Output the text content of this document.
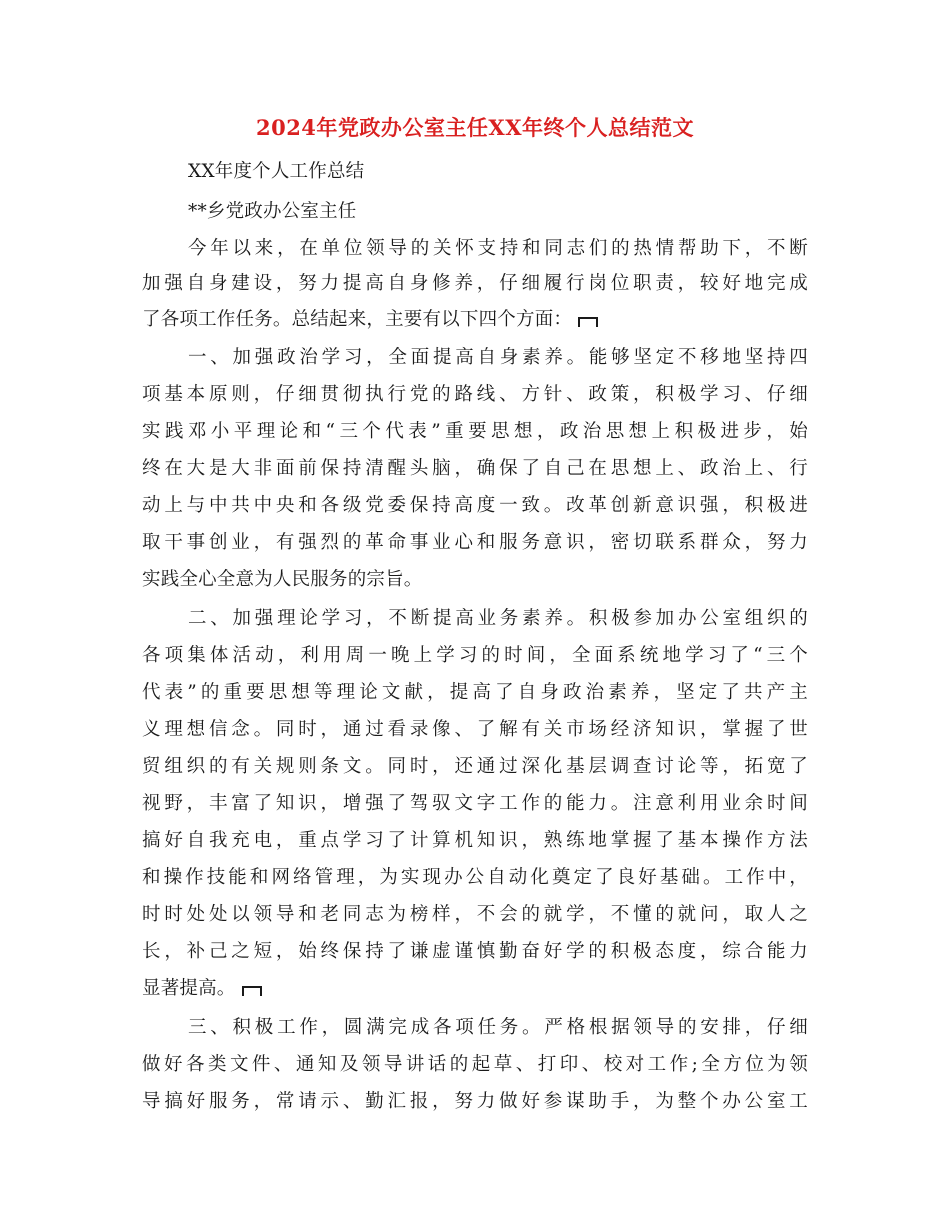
2024年党政办公室主任XX年终个人总结范文
XX年度个人工作总结
**乡党政办公室主任
今年以来，在单位领导的关怀支持和同志们的热情帮助下，不断
加强自身建设，努力提高自身修养，仔细履行岗位职责，较好地完成
了各项工作任务。总结起来，主要有以下四个方面：
一、加强政治学习，全面提高自身素养。能够坚定不移地坚持四
项基本原则，仔细贯彻执行党的路线、方针、政策，积极学习、仔细
实践邓小平理论和“三个代表”重要思想，政治思想上积极进步，始
终在大是大非面前保持清醒头脑，确保了自己在思想上、政治上、行
动上与中共中央和各级党委保持高度一致。改革创新意识强，积极进
取干事创业，有强烈的革命事业心和服务意识，密切联系群众，努力
实践全心全意为人民服务的宗旨。
二、加强理论学习，不断提高业务素养。积极参加办公室组织的
各项集体活动，利用周一晚上学习的时间，全面系统地学习了“三个
代表”的重要思想等理论文献，提高了自身政治素养，坚定了共产主
义理想信念。同时，通过看录像、了解有关市场经济知识，掌握了世
贸组织的有关规则条文。同时，还通过深化基层调查讨论等，拓宽了
视野，丰富了知识，增强了驾驭文字工作的能力。注意利用业余时间
搞好自我充电，重点学习了计算机知识，熟练地掌握了基本操作方法
和操作技能和网络管理，为实现办公自动化奠定了良好基础。工作中，
时时处处以领导和老同志为榜样，不会的就学，不懂的就问，取人之
长，补己之短，始终保持了谦虚谨慎勤奋好学的积极态度，综合能力
显著提高。
三、积极工作，圆满完成各项任务。严格根据领导的安排，仔细
做好各类文件、通知及领导讲话的起草、打印、校对工作;全方位为领
导搞好服务，常请示、勤汇报，努力做好参谋助手，为整个办公室工
